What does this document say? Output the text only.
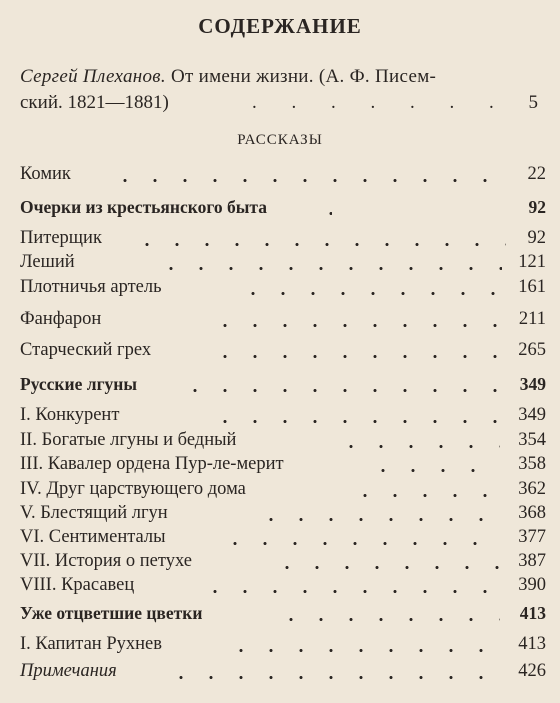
СОДЕРЖАНИЕ
Сергей Плеханов. От имени жизни. (А. Ф. Писем-
ский. 1821—1881)	. . . . . . . 5
РАССКАЗЫ
Комик	22
Очерки из крестьянского быта	92
Питерщик	92
Леший	121
Плотничья артель	161
Фанфарон	211
Старческий грех	265
Русские лгуны	349
I. Конкурент	349
II. Богатые лгуны и бедный	354
III. Кавалер ордена Пур-ле-мерит	358
IV. Друг царствующего дома	362
V. Блестящий лгун	368
VI. Сентименталы	377
VII. История о петухе	387
VIII. Красавец	390
Уже отцветшие цветки	413
I. Капитан Рухнев	413
Примечания	426
